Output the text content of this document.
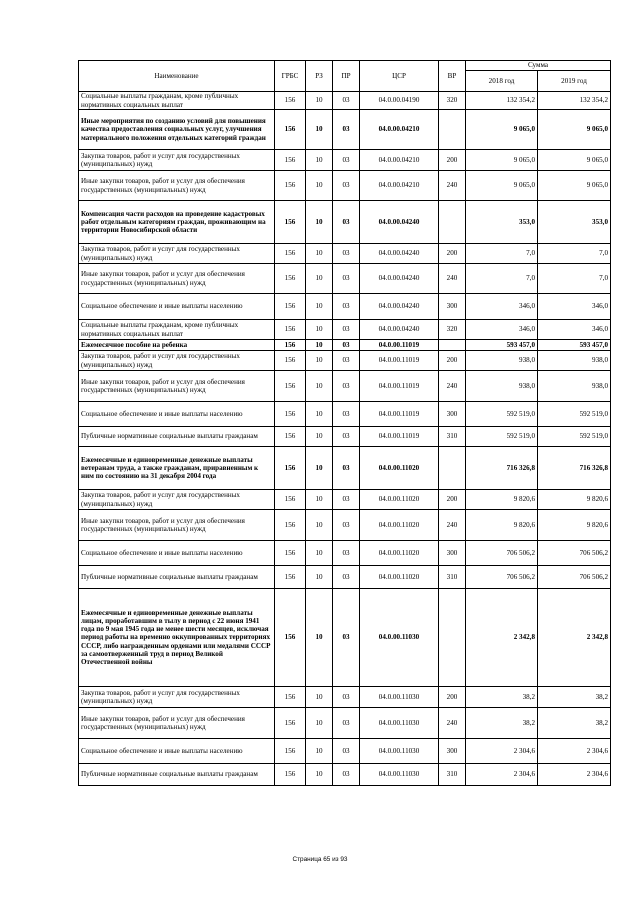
Наименование	ГРБС	РЗ	ПР	ЦСР	ВР	Сумма	
						2018 год	2019 год
Социальные выплаты гражданам, кроме публичных нормативных социальных выплат	156	10	03	04.0.00.04190	320	132 354,2	132 354,2
Иные мероприятия по созданию условий для повышения качества предоставления социальных услуг, улучшения материального положения отдельных категорий граждан	156	10	03	04.0.00.04210		9 065,0	9 065,0
Закупка товаров, работ и услуг для государственных (муниципальных) нужд	156	10	03	04.0.00.04210	200	9 065,0	9 065,0
Иные закупки товаров, работ и услуг для обеспечения государственных (муниципальных) нужд	156	10	03	04.0.00.04210	240	9 065,0	9 065,0
Компенсация части расходов на проведение кадастровых работ отдельным категориям граждан, проживающим на территории Новосибирской области	156	10	03	04.0.00.04240		353,0	353,0
Закупка товаров, работ и услуг для государственных (муниципальных) нужд	156	10	03	04.0.00.04240	200	7,0	7,0
Иные закупки товаров, работ и услуг для обеспечения государственных (муниципальных) нужд	156	10	03	04.0.00.04240	240	7,0	7,0
Социальное обеспечение и иные выплаты населению	156	10	03	04.0.00.04240	300	346,0	346,0
Социальные выплаты гражданам, кроме публичных нормативных социальных выплат	156	10	03	04.0.00.04240	320	346,0	346,0
Ежемесячное пособие на ребенка	156	10	03	04.0.00.11019		593 457,0	593 457,0
Закупка товаров, работ и услуг для государственных (муниципальных) нужд	156	10	03	04.0.00.11019	200	938,0	938,0
Иные закупки товаров, работ и услуг для обеспечения государственных (муниципальных) нужд	156	10	03	04.0.00.11019	240	938,0	938,0
Социальное обеспечение и иные выплаты населению	156	10	03	04.0.00.11019	300	592 519,0	592 519,0
Публичные нормативные социальные выплаты гражданам	156	10	03	04.0.00.11019	310	592 519,0	592 519,0
Ежемесячные и единовременные денежные выплаты ветеранам труда, а также гражданам, приравненным к ним по состоянию на 31 декабря 2004 года	156	10	03	04.0.00.11020		716 326,8	716 326,8
Закупка товаров, работ и услуг для государственных (муниципальных) нужд	156	10	03	04.0.00.11020	200	9 820,6	9 820,6
Иные закупки товаров, работ и услуг для обеспечения государственных (муниципальных) нужд	156	10	03	04.0.00.11020	240	9 820,6	9 820,6
Социальное обеспечение и иные выплаты населению	156	10	03	04.0.00.11020	300	706 506,2	706 506,2
Публичные нормативные социальные выплаты гражданам	156	10	03	04.0.00.11020	310	706 506,2	706 506,2
Ежемесячные и единовременные денежные выплаты лицам, проработавшим в тылу в период с 22 июня 1941 года по 9 мая 1945 года не менее шести месяцев, исключая период работы на временно оккупированных территориях СССР, либо награжденным орденами или медалями СССР за самоотверженный труд в период Великой Отечественной войны	156	10	03	04.0.00.11030		2 342,8	2 342,8
Закупка товаров, работ и услуг для государственных (муниципальных) нужд	156	10	03	04.0.00.11030	200	38,2	38,2
Иные закупки товаров, работ и услуг для обеспечения государственных (муниципальных) нужд	156	10	03	04.0.00.11030	240	38,2	38,2
Социальное обеспечение и иные выплаты населению	156	10	03	04.0.00.11030	300	2 304,6	2 304,6
Публичные нормативные социальные выплаты гражданам	156	10	03	04.0.00.11030	310	2 304,6	2 304,6
Страница 65 из 93
